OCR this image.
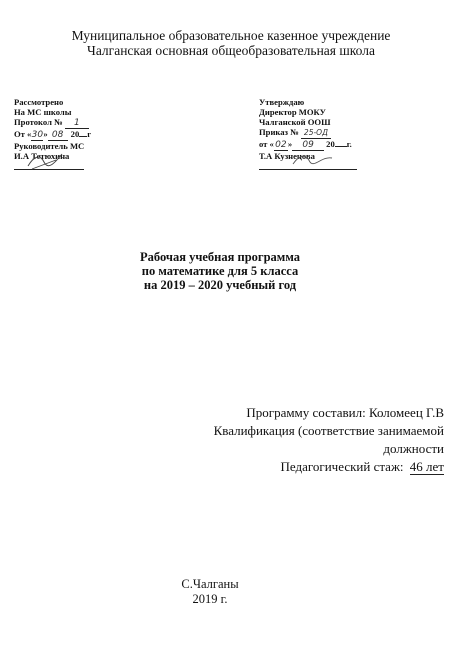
Муниципальное образовательное казенное учреждение
Чалганская основная общеобразовательная школа
Рассмотрено
На МС школы
Протокол № 1
От «30» 08 20 г
Руководитель МС
И.А Тетюхина
Утверждаю
Директор МОКУ
Чалганской ООШ
Приказ № 25-ОД
от «02» 09 20 г.
Т.А Кузнецова
Рабочая учебная программа
по математике для 5 класса
на 2019 – 2020 учебный год
Программу составил: Коломеец Г.В
Квалификация (соответствие занимаемой
должности
Педагогический стаж: 46 лет
С.Чалганы
2019 г.
